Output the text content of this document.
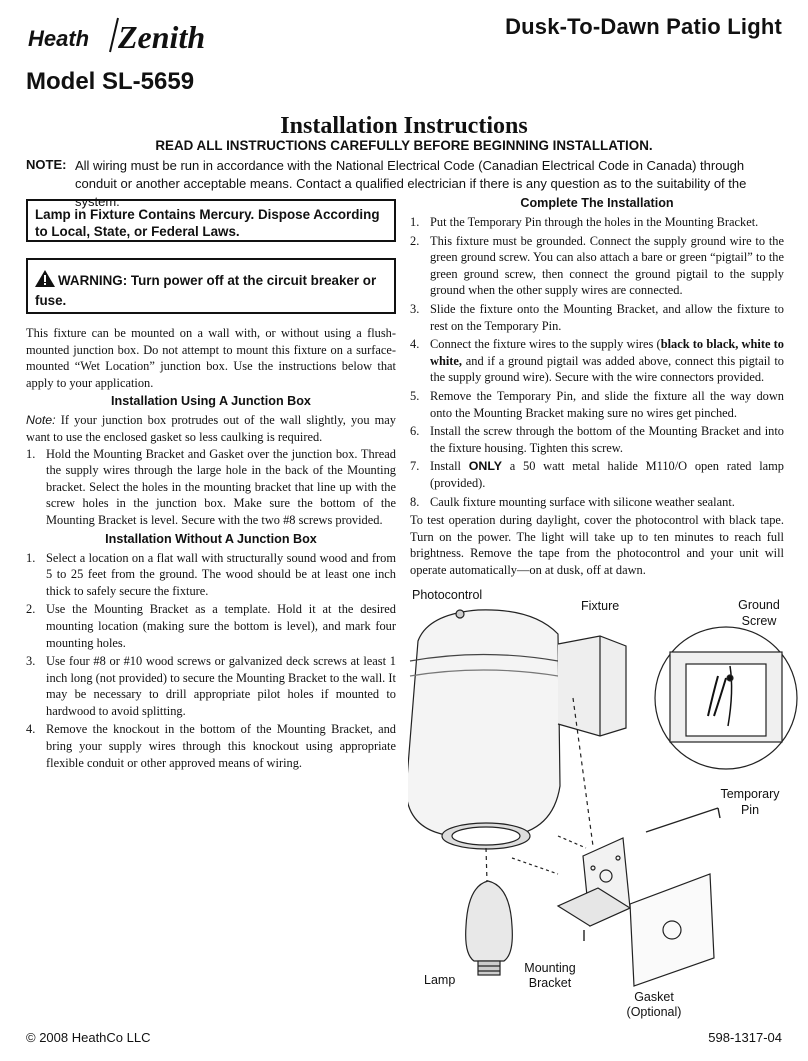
Heath Zenith	Dusk-To-Dawn Patio Light
Model SL-5659
Installation Instructions
READ ALL INSTRUCTIONS CAREFULLY BEFORE BEGINNING INSTALLATION.
NOTE: All wiring must be run in accordance with the National Electrical Code (Canadian Electrical Code in Canada) through conduit or another acceptable means. Contact a qualified electrician if there is any question as to the suitability of the system.
Lamp in Fixture Contains Mercury. Dispose According to Local, State, or Federal Laws.
WARNING: Turn power off at the circuit breaker or fuse.

This fixture can be mounted on a wall with, or without using a flush-mounted junction box. Do not attempt to mount this fixture on a surface-mounted “Wet Location” junction box. Use the instructions below that apply to your application.

Installation Using A Junction Box

Note: If your junction box protrudes out of the wall slightly, you may want to use the enclosed gasket so less caulking is required.

1. Hold the Mounting Bracket and Gasket over the junction box. Thread the supply wires through the large hole in the back of the Mounting bracket. Select the holes in the mounting bracket that line up with the screw holes in the junction box. Make sure the bottom of the Mounting Bracket is level. Secure with the two #8 screws provided.
Installation Without A Junction Box
1. Select a location on a flat wall with structurally sound wood and from 5 to 25 feet from the ground. The wood should be at least one inch thick to safely secure the fixture.
2. Use the Mounting Bracket as a template. Hold it at the desired mounting location (making sure the bottom is level), and mark four mounting holes.
3. Use four #8 or #10 wood screws or galvanized deck screws at least 1 inch long (not provided) to secure the Mounting Bracket to the wall. It may be necessary to drill appropriate pilot holes if mounted to hardwood to avoid splitting.
4. Remove the knockout in the bottom of the Mounting Bracket, and bring your supply wires through this knockout using appropriate flexible conduit or other approved means of wiring.
Complete The Installation
1. Put the Temporary Pin through the holes in the Mounting Bracket.
2. This fixture must be grounded. Connect the supply ground wire to the green ground screw. You can also attach a bare or green “pigtail” to the green ground screw, then connect the ground pigtail to the supply ground when the other supply wires are connected.
3. Slide the fixture onto the Mounting Bracket, and allow the fixture to rest on the Temporary Pin.
4. Connect the fixture wires to the supply wires (black to black, white to white, and if a ground pigtail was added above, connect this pigtail to the supply ground wire). Secure with the wire connectors provided.
5. Remove the Temporary Pin, and slide the fixture all the way down onto the Mounting Bracket making sure no wires get pinched.
6. Install the screw through the bottom of the Mounting Bracket and into the fixture housing. Tighten this screw.
7. Install ONLY a 50 watt metal halide M110/O open rated lamp (provided).
8. Caulk fixture mounting surface with silicone weather sealant.

To test operation during daylight, cover the photocontrol with black tape. Turn on the power. The light will take up to ten minutes to reach full brightness. Remove the tape from the photocontrol and your unit will operate automatically—on at dusk, off at dawn.

Photocontrol
Fixture	Ground
Screw
Temporary
Pin
Lamp
Mounting
Bracket
Gasket
(Optional)
© 2008 HeathCo LLC	598-1317-04
